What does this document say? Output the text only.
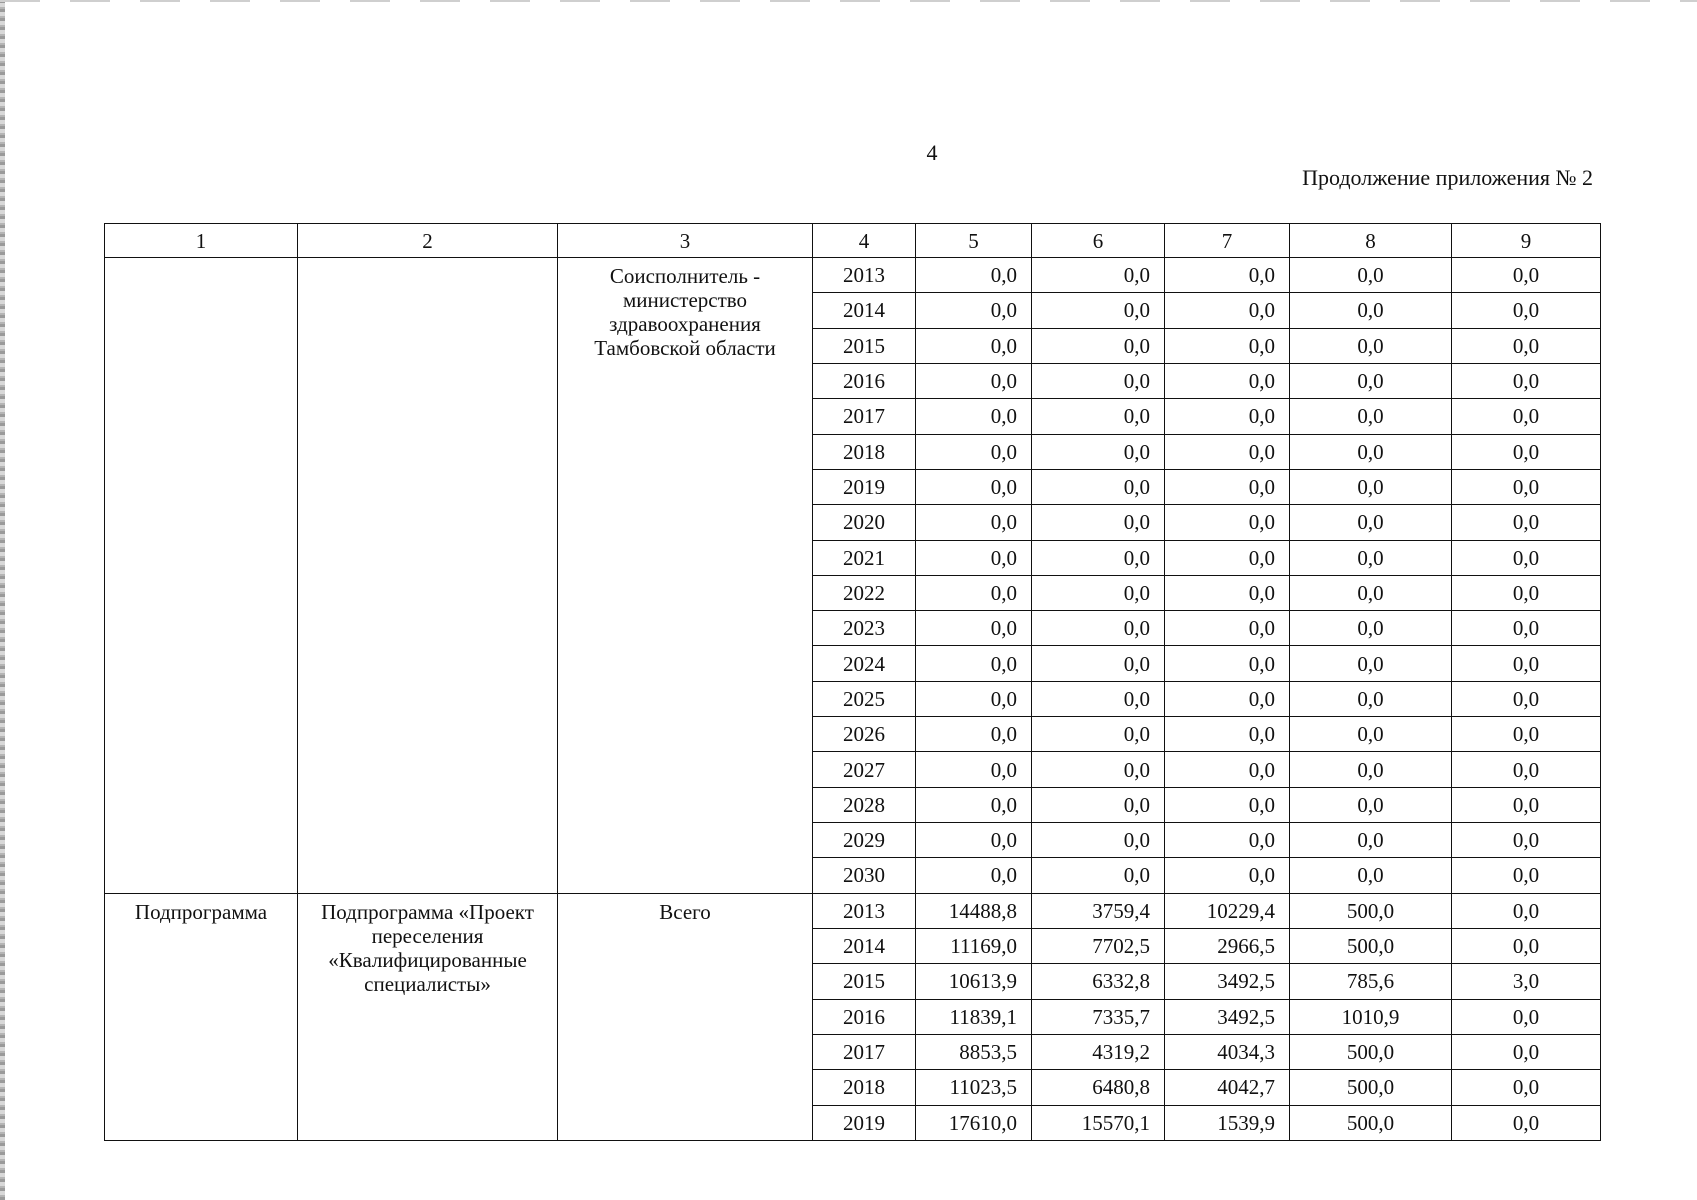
4
Продолжение приложения № 2
1	2	3	4	5	6	7	8	9
		Соисполнитель - министерство здравоохранения Тамбовской области	2013	0,0	0,0	0,0	0,0	0,0
			2014	0,0	0,0	0,0	0,0	0,0
			2015	0,0	0,0	0,0	0,0	0,0
			2016	0,0	0,0	0,0	0,0	0,0
			2017	0,0	0,0	0,0	0,0	0,0
			2018	0,0	0,0	0,0	0,0	0,0
			2019	0,0	0,0	0,0	0,0	0,0
			2020	0,0	0,0	0,0	0,0	0,0
			2021	0,0	0,0	0,0	0,0	0,0
			2022	0,0	0,0	0,0	0,0	0,0
			2023	0,0	0,0	0,0	0,0	0,0
			2024	0,0	0,0	0,0	0,0	0,0
			2025	0,0	0,0	0,0	0,0	0,0
			2026	0,0	0,0	0,0	0,0	0,0
			2027	0,0	0,0	0,0	0,0	0,0
			2028	0,0	0,0	0,0	0,0	0,0
			2029	0,0	0,0	0,0	0,0	0,0
			2030	0,0	0,0	0,0	0,0	0,0
Подпрограмма	Подпрограмма «Проект переселения «Квалифицированные специалисты»	Всего	2013	14488,8	3759,4	10229,4	500,0	0,0
			2014	11169,0	7702,5	2966,5	500,0	0,0
			2015	10613,9	6332,8	3492,5	785,6	3,0
			2016	11839,1	7335,7	3492,5	1010,9	0,0
			2017	8853,5	4319,2	4034,3	500,0	0,0
			2018	11023,5	6480,8	4042,7	500,0	0,0
			2019	17610,0	15570,1	1539,9	500,0	0,0
